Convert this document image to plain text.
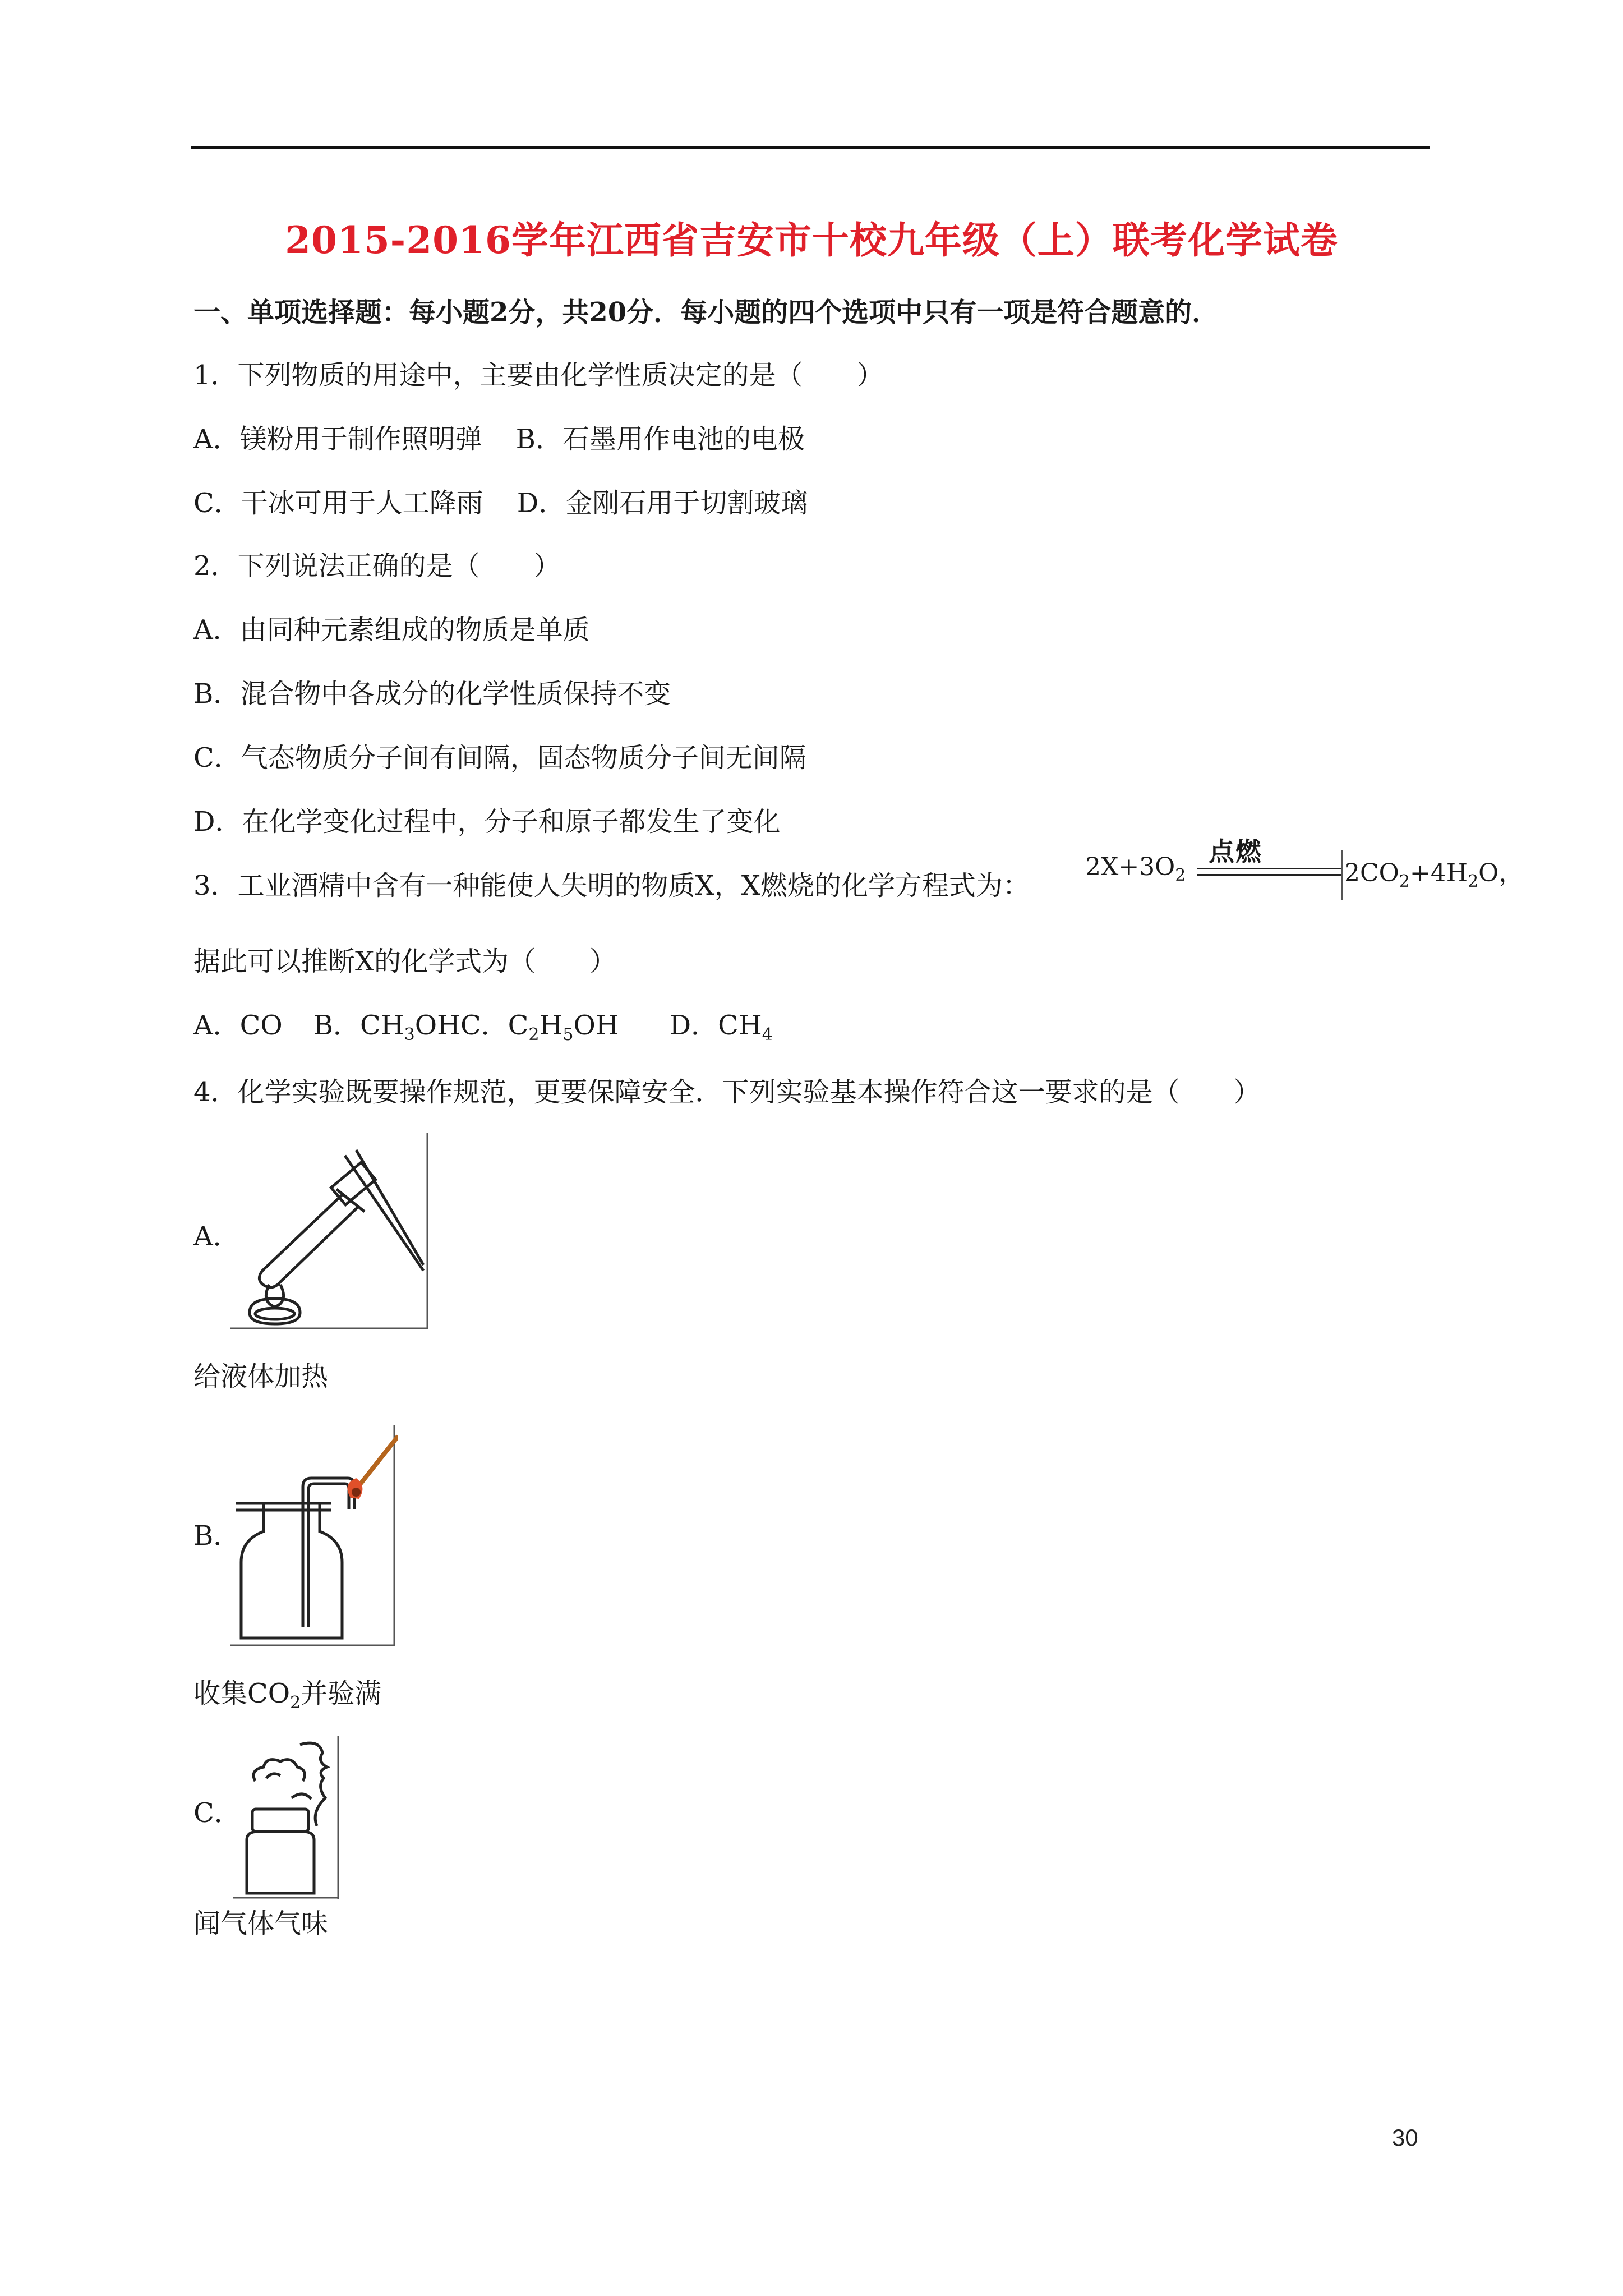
2015-2016学年江西省吉安市十校九年级（上）联考化学试卷
一、单项选择题：每小题2分，共20分．每小题的四个选项中只有一项是符合题意的．
1．下列物质的用途中，主要由化学性质决定的是（　　）
A．镁粉用于制作照明弹 B．石墨用作电池的电极
C．干冰可用于人工降雨 D．金刚石用于切割玻璃
2．下列说法正确的是（　　）
A．由同种元素组成的物质是单质
B．混合物中各成分的化学性质保持不变
C．气态物质分子间有间隔，固态物质分子间无间隔
D．在化学变化过程中，分子和原子都发生了变化
3．工业酒精中含有一种能使人失明的物质X，X燃烧的化学方程式为：
$2X+3O_2$
点燃
$2CO_2+4H_2O$，
据此可以推断X的化学式为（　　）
A．CO B．$CH_3OHC$．$C_2H_5OH$ D．$CH_4$
4．化学实验既要操作规范，更要保障安全．下列实验基本操作符合这一要求的是（　　）
A．
给液体加热
B．
收集$CO_2$并验满
C．
闻气体气味
30
